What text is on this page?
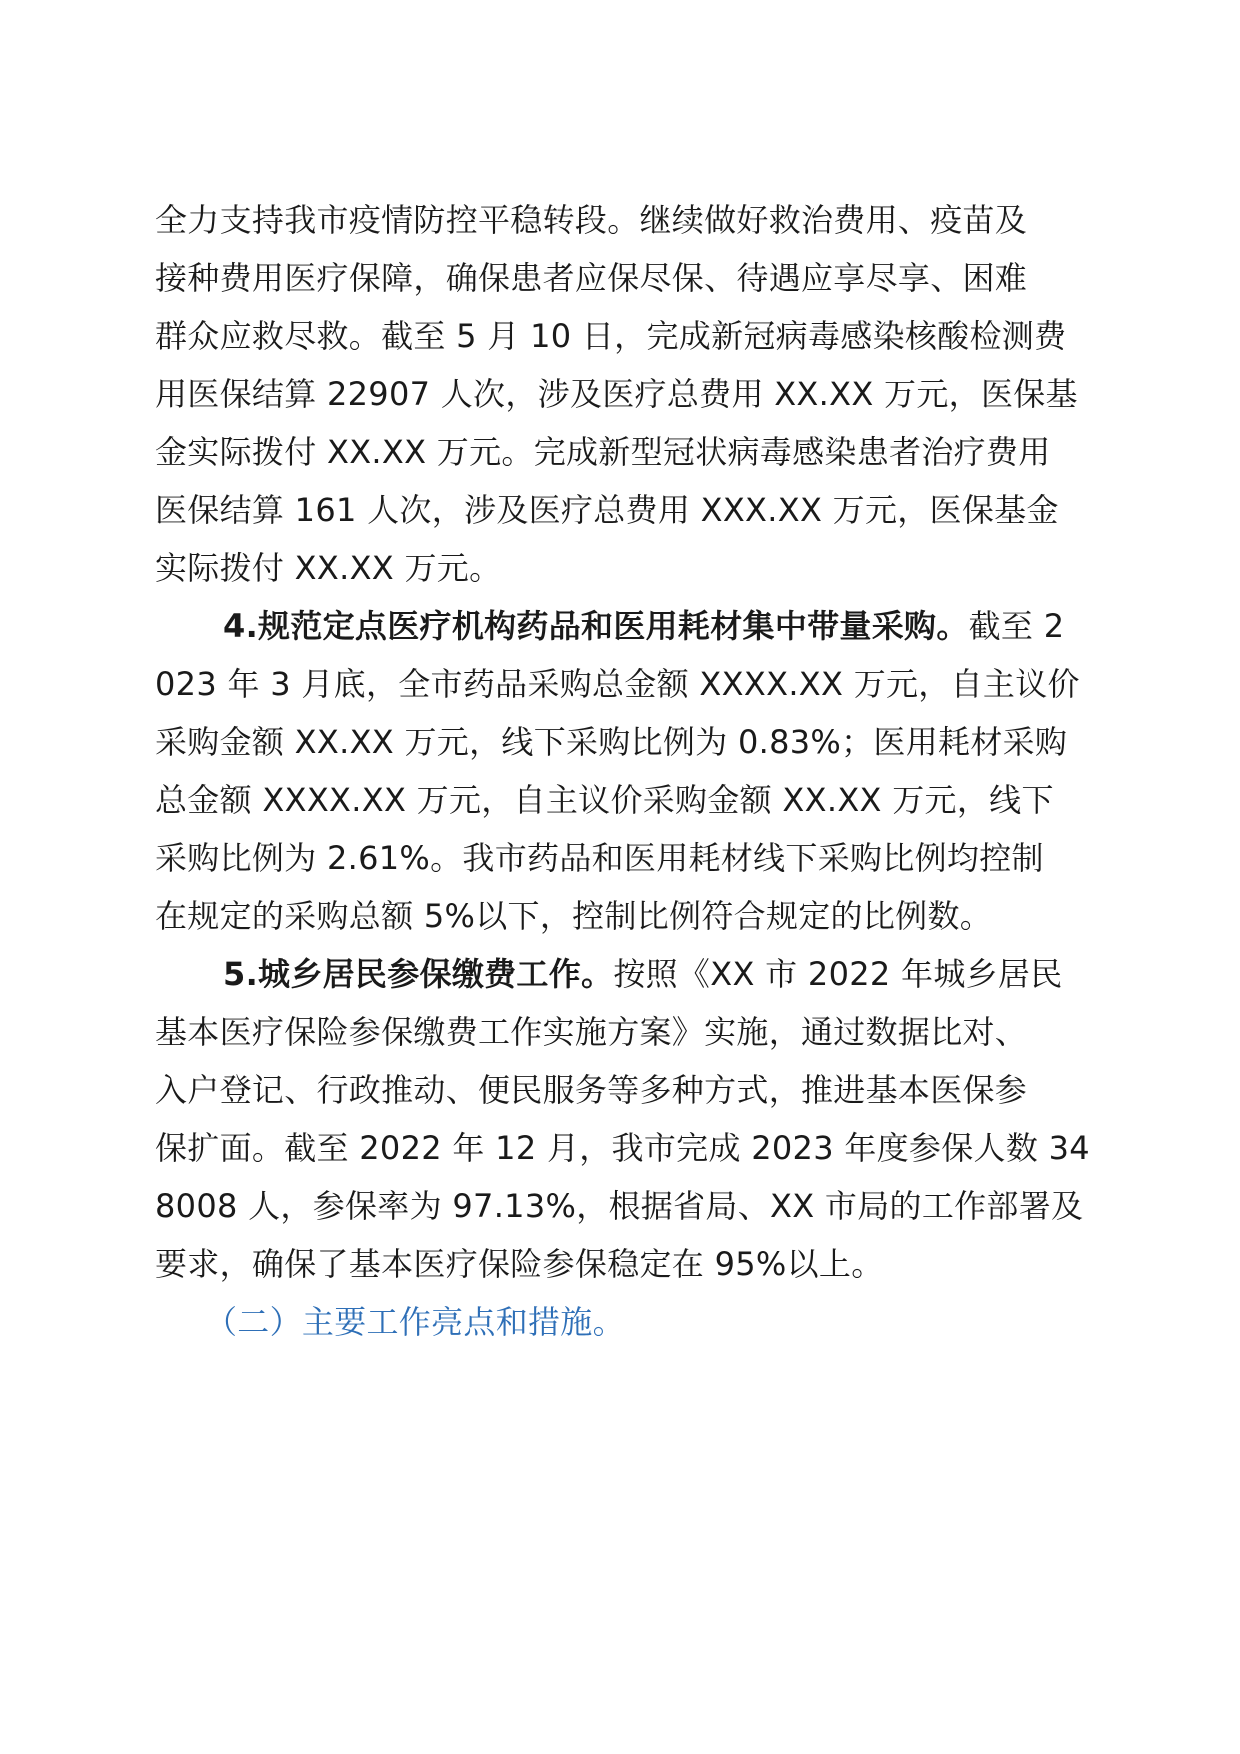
全力支持我市疫情防控平稳转段。继续做好救治费用、疫苗及
接种费用医疗保障，确保患者应保尽保、待遇应享尽享、困难
群众应救尽救。截至 5 月 10 日，完成新冠病毒感染核酸检测费
用医保结算 22907 人次，涉及医疗总费用 XX.XX 万元，医保基
金实际拨付 XX.XX 万元。完成新型冠状病毒感染患者治疗费用
医保结算 161 人次，涉及医疗总费用 XXX.XX 万元，医保基金
实际拨付 XX.XX 万元。
4.规范定点医疗机构药品和医用耗材集中带量采购。截至 2
023 年 3 月底，全市药品采购总金额 XXXX.XX 万元，自主议价
采购金额 XX.XX 万元，线下采购比例为 0.83%；医用耗材采购
总金额 XXXX.XX 万元，自主议价采购金额 XX.XX 万元，线下
采购比例为 2.61%。我市药品和医用耗材线下采购比例均控制
在规定的采购总额 5%以下，控制比例符合规定的比例数。
5.城乡居民参保缴费工作。按照《XX 市 2022 年城乡居民
基本医疗保险参保缴费工作实施方案》实施，通过数据比对、
入户登记、行政推动、便民服务等多种方式，推进基本医保参
保扩面。截至 2022 年 12 月，我市完成 2023 年度参保人数 34
8008 人，参保率为 97.13%，根据省局、XX 市局的工作部署及
要求，确保了基本医疗保险参保稳定在 95%以上。
（二）主要工作亮点和措施。
